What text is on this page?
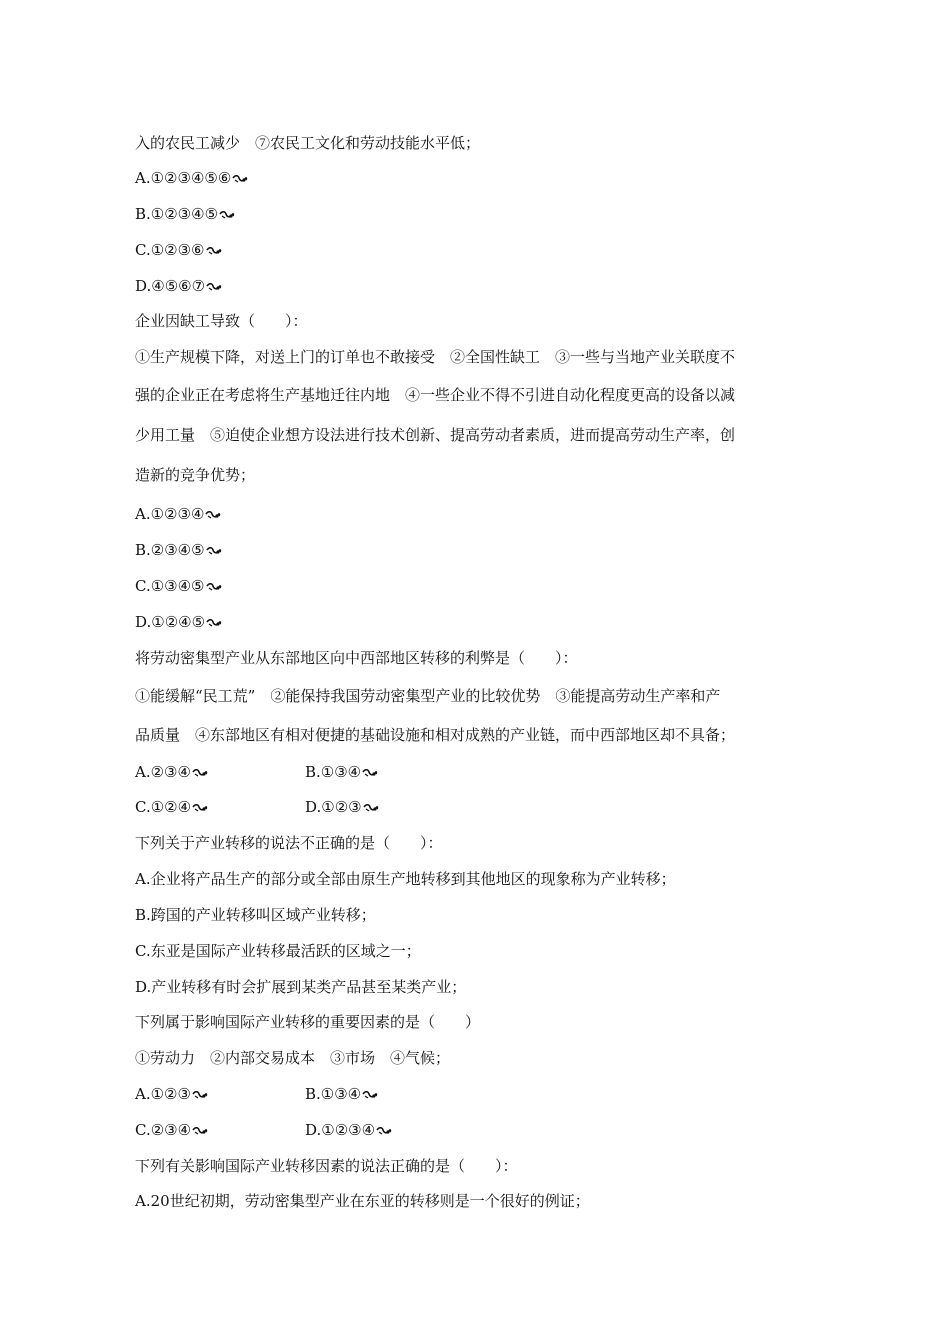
入的农民工减少　⑦农民工文化和劳动技能水平低；
A.①②③④⑤⑥
B.①②③④⑤
C.①②③⑥
D.④⑤⑥⑦
企业因缺工导致（　　）：
①生产规模下降，对送上门的订单也不敢接受　②全国性缺工　③一些与当地产业关联度不
强的企业正在考虑将生产基地迁往内地　④一些企业不得不引进自动化程度更高的设备以减
少用工量　⑤迫使企业想方设法进行技术创新、提高劳动者素质，进而提高劳动生产率，创
造新的竞争优势；
A.①②③④
B.②③④⑤
C.①③④⑤
D.①②④⑤
将劳动密集型产业从东部地区向中西部地区转移的利弊是（　　）：
①能缓解“民工荒”　②能保持我国劳动密集型产业的比较优势　③能提高劳动生产率和产
品质量　④东部地区有相对便捷的基础设施和相对成熟的产业链，而中西部地区却不具备；
A.②③④	B.①③④
C.①②④	D.①②③
下列关于产业转移的说法不正确的是（　　）：
A.企业将产品生产的部分或全部由原生产地转移到其他地区的现象称为产业转移；
B.跨国的产业转移叫区域产业转移；
C.东亚是国际产业转移最活跃的区域之一；
D.产业转移有时会扩展到某类产品甚至某类产业；
下列属于影响国际产业转移的重要因素的是（　　）
①劳动力　②内部交易成本　③市场　④气候；
A.①②③	B.①③④
C.②③④	D.①②③④
下列有关影响国际产业转移因素的说法正确的是（　　）：
A.20世纪初期，劳动密集型产业在东亚的转移则是一个很好的例证；
